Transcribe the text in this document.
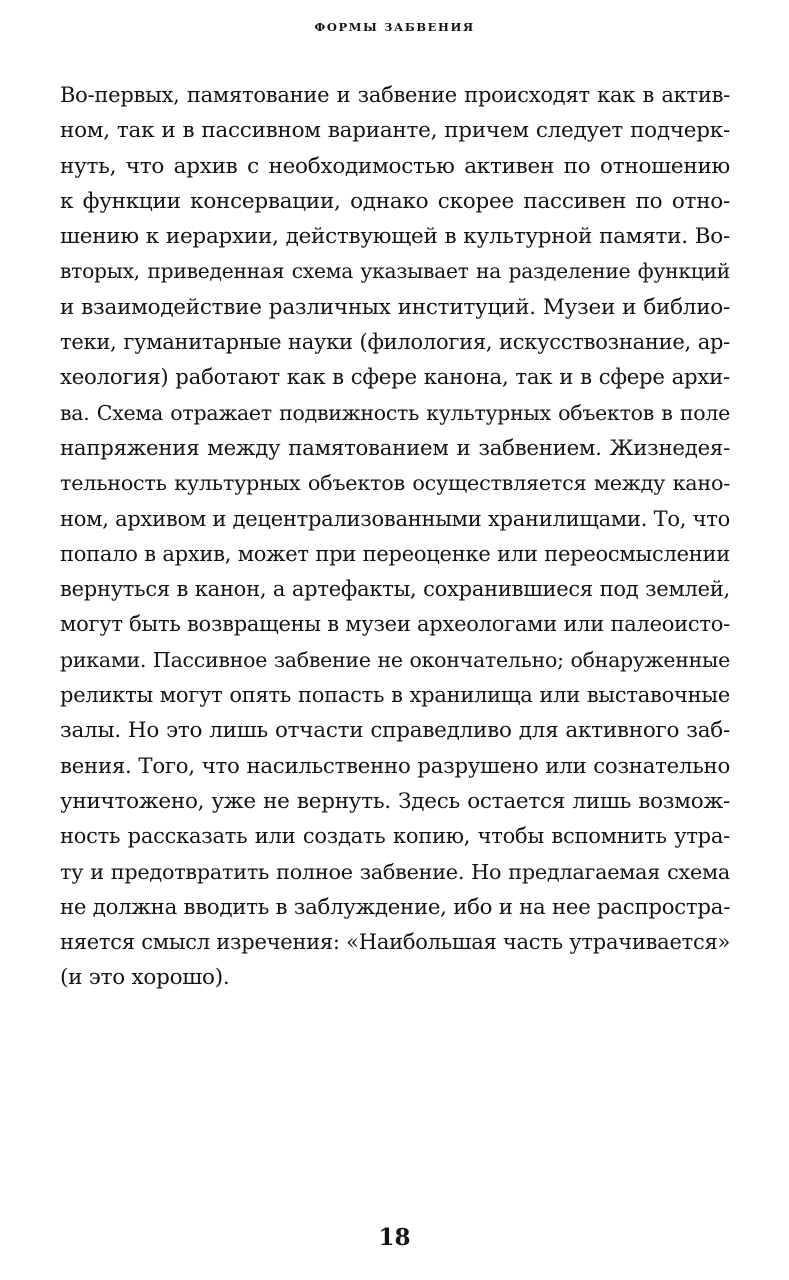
ФОРМЫ ЗАБВЕНИЯ
Во-первых, памятование и забвение происходят как в актив-
ном, так и в пассивном варианте, причем следует подчерк-
нуть, что архив с необходимостью активен по отношению
к функции консервации, однако скорее пассивен по отно-
шению к иерархии, действующей в культурной памяти. Во-
вторых, приведенная схема указывает на разделение функций
и взаимодействие различных институций. Музеи и библио-
теки, гуманитарные науки (филология, искусствознание, ар-
хеология) работают как в сфере канона, так и в сфере архи-
ва. Схема отражает подвижность культурных объектов в поле
напряжения между памятованием и забвением. Жизнедея-
тельность культурных объектов осуществляется между кано-
ном, архивом и децентрализованными хранилищами. То, что
попало в архив, может при переоценке или переосмыслении
вернуться в канон, а артефакты, сохранившиеся под землей,
могут быть возвращены в музеи археологами или палеоисто-
риками. Пассивное забвение не окончательно; обнаруженные
реликты могут опять попасть в хранилища или выставочные
залы. Но это лишь отчасти справедливо для активного заб-
вения. Того, что насильственно разрушено или сознательно
уничтожено, уже не вернуть. Здесь остается лишь возмож-
ность рассказать или создать копию, чтобы вспомнить утра-
ту и предотвратить полное забвение. Но предлагаемая схема
не должна вводить в заблуждение, ибо и на нее распростра-
няется смысл изречения: «Наибольшая часть утрачивается»
(и это хорошо).
18
